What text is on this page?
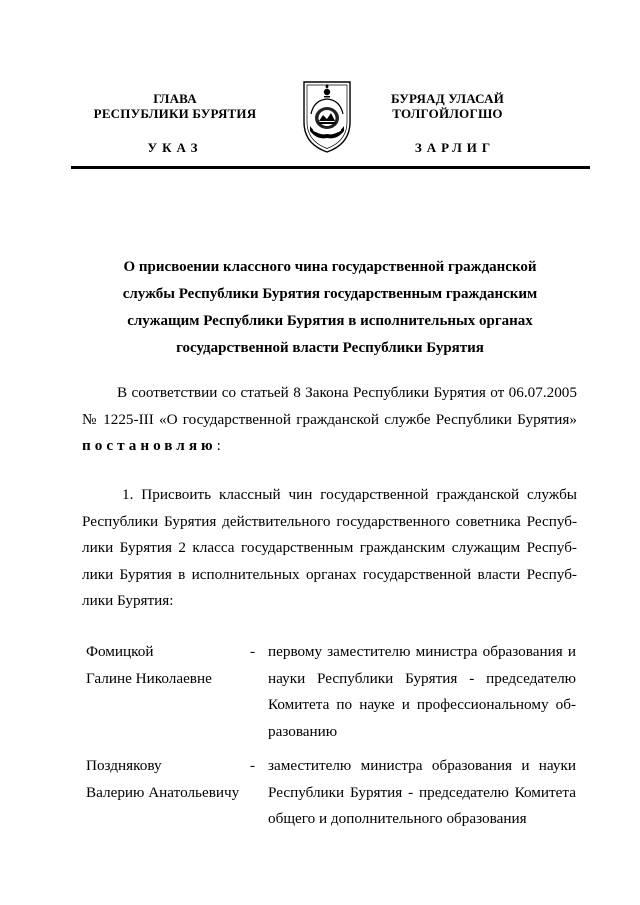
ГЛАВА
РЕСПУБЛИКИ БУРЯТИЯ
УКАЗ
БУРЯАД УЛАСАЙ
ТОЛГОЙЛОГШО
ЗАРЛИГ
О присвоении классного чина государственной гражданской
службы Республики Бурятия государственным гражданским
служащим Республики Бурятия в исполнительных органах
государственной власти Республики Бурятия
В соответствии со статьей 8 Закона Республики Бурятия от 06.07.2005
№ 1225-III «О государственной гражданской службе Республики Бурятия»
постановляю:
1. Присвоить классный чин государственной гражданской службы
Республики Бурятия действительного государственного советника Респуб-
лики Бурятия 2 класса государственным гражданским служащим Респуб-
лики Бурятия в исполнительных органах государственной власти Респуб-
лики Бурятия:
Фомицкой
Галине Николаевне
- первому заместителю министра образования и
науки Республики Бурятия - председателю
Комитета по науке и профессиональному об-
разованию
Позднякову
Валерию Анатольевичу
- заместителю министра образования и науки
Республики Бурятия - председателю Комитета
общего и дополнительного образования
